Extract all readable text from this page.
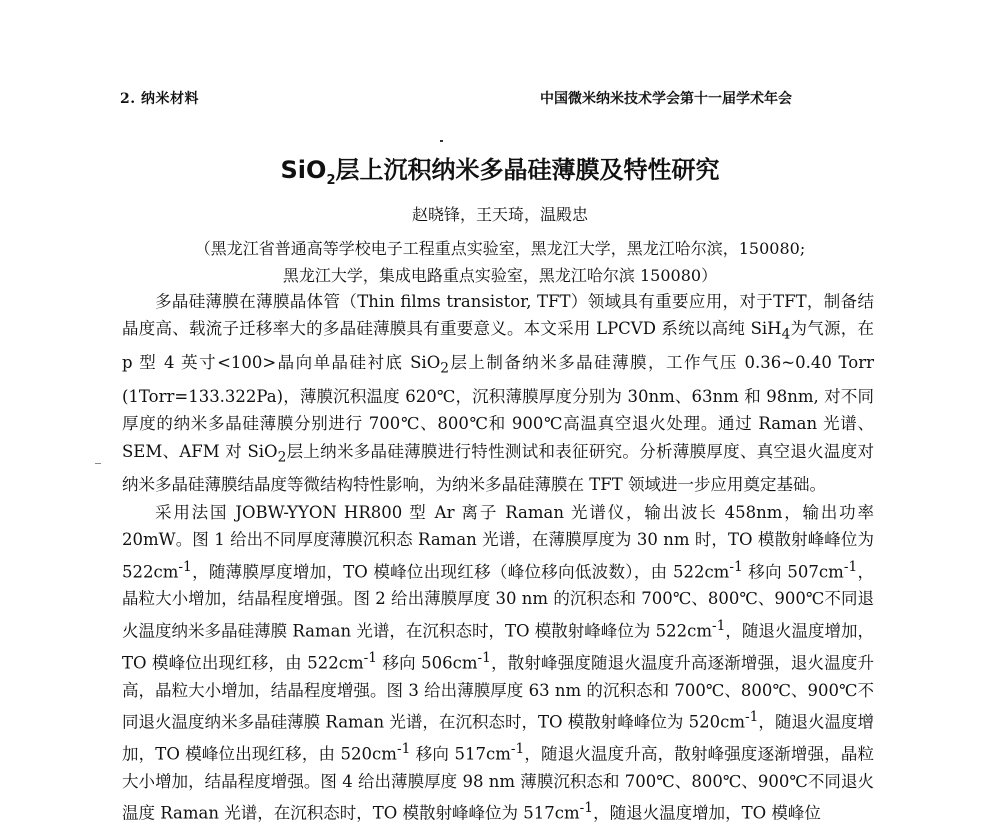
2. 纳米材料	中国微米纳米技术学会第十一届学术年会
SiO$_2$层上沉积纳米多晶硅薄膜及特性研究
赵晓锋，王天琦，温殿忠
（黑龙江省普通高等学校电子工程重点实验室，黑龙江大学，黑龙江哈尔滨，150080;
黑龙江大学，集成电路重点实验室，黑龙江哈尔滨 150080）

多晶硅薄膜在薄膜晶体管（Thin films transistor, TFT）领域具有重要应用，对于TFT，制备结晶度高、载流子迁移率大的多晶硅薄膜具有重要意义。本文采用 LPCVD 系统以高纯 SiH$_4$为气源，在 p 型 4 英寸<100>晶向单晶硅衬底 SiO$_2$层上制备纳米多晶硅薄膜，工作气压 0.36~0.40 Torr (1Torr=133.322Pa)，薄膜沉积温度 620℃，沉积薄膜厚度分别为 30nm、63nm 和 98nm, 对不同厚度的纳米多晶硅薄膜分别进行 700℃、800℃和 900℃高温真空退火处理。通过 Raman 光谱、SEM、AFM 对 SiO$_2$层上纳米多晶硅薄膜进行特性测试和表征研究。分析薄膜厚度、真空退火温度对纳米多晶硅薄膜结晶度等微结构特性影响，为纳米多晶硅薄膜在 TFT 领域进一步应用奠定基础。

采用法国 JOBW-YYON HR800 型 Ar 离子 Raman 光谱仪，输出波长 458nm，输出功率 20mW。图 1 给出不同厚度薄膜沉积态 Raman 光谱，在薄膜厚度为 30 nm 时，TO 模散射峰峰位为 $522cm^{-1}$，随薄膜厚度增加，TO 模峰位出现红移（峰位移向低波数），由 $522cm^{-1}$ 移向 $507cm^{-1}$，晶粒大小增加，结晶程度增强。图 2 给出薄膜厚度 30 nm 的沉积态和 700℃、800℃、900℃不同退火温度纳米多晶硅薄膜 Raman 光谱，在沉积态时，TO 模散射峰峰位为 $522cm^{-1}$，随退火温度增加，TO 模峰位出现红移，由 $522cm^{-1}$ 移向 $506cm^{-1}$，散射峰强度随退火温度升高逐渐增强，退火温度升高，晶粒大小增加，结晶程度增强。图 3 给出薄膜厚度 63 nm 的沉积态和 700℃、800℃、900℃不同退火温度纳米多晶硅薄膜 Raman 光谱，在沉积态时，TO 模散射峰峰位为 $520cm^{-1}$，随退火温度增加，TO 模峰位出现红移，由 $520cm^{-1}$ 移向 $517cm^{-1}$，随退火温度升高，散射峰强度逐渐增强，晶粒大小增加，结晶程度增强。图 4 给出薄膜厚度 98 nm 薄膜沉积态和 700℃、800℃、900℃不同退火温度 Raman 光谱，在沉积态时，TO 模散射峰峰位为 $517cm^{-1}$，随退火温度增加，TO 模峰位
